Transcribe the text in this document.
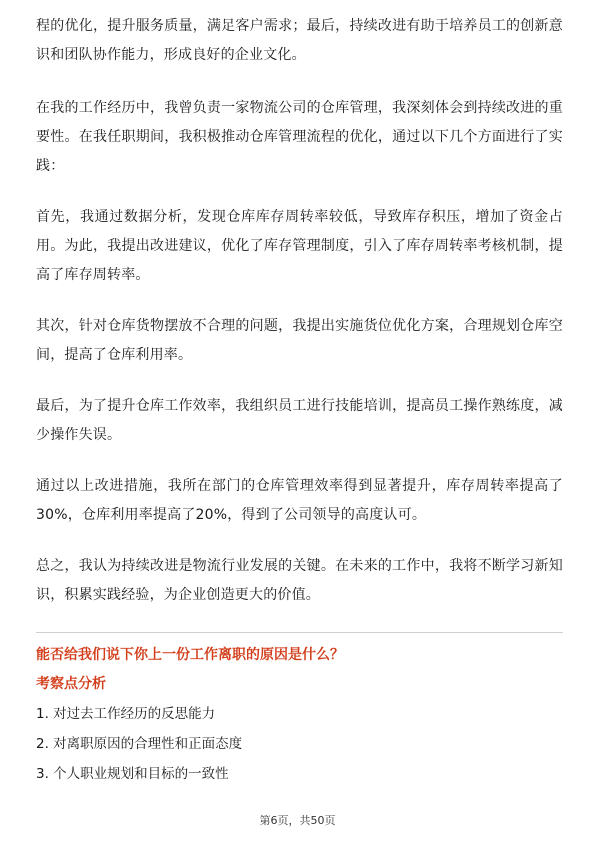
程的优化，提升服务质量，满足客户需求；最后，持续改进有助于培养员工的创新意识和团队协作能力，形成良好的企业文化。

在我的工作经历中，我曾负责一家物流公司的仓库管理，我深刻体会到持续改进的重要性。在我任职期间，我积极推动仓库管理流程的优化，通过以下几个方面进行了实践：

首先，我通过数据分析，发现仓库库存周转率较低，导致库存积压，增加了资金占用。为此，我提出改进建议，优化了库存管理制度，引入了库存周转率考核机制，提高了库存周转率。

其次，针对仓库货物摆放不合理的问题，我提出实施货位优化方案，合理规划仓库空间，提高了仓库利用率。

最后，为了提升仓库工作效率，我组织员工进行技能培训，提高员工操作熟练度，减少操作失误。

通过以上改进措施，我所在部门的仓库管理效率得到显著提升，库存周转率提高了30%，仓库利用率提高了20%，得到了公司领导的高度认可。

总之，我认为持续改进是物流行业发展的关键。在未来的工作中，我将不断学习新知识，积累实践经验，为企业创造更大的价值。

能否给我们说下你上一份工作离职的原因是什么？

考察点分析

1. 对过去工作经历的反思能力
2. 对离职原因的合理性和正面态度
3. 个人职业规划和目标的一致性
第6页，共50页
